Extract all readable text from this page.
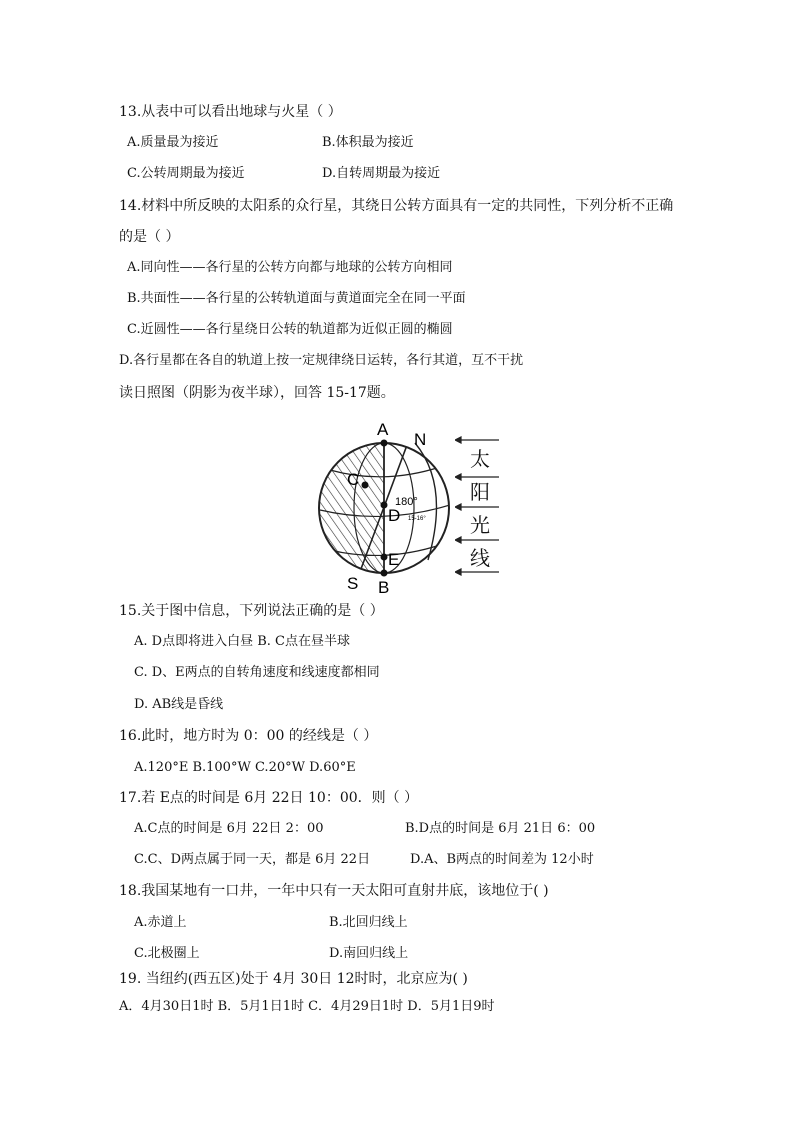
13.从表中可以看出地球与火星（ ）
A.质量最为接近	B.体积最为接近
C.公转周期最为接近	D.自转周期最为接近
14.材料中所反映的太阳系的众行星，其绕日公转方面具有一定的共同性，下列分析不正确
的是（ ）
A.同向性——各行星的公转方向都与地球的公转方向相同
B.共面性——各行星的公转轨道面与黄道面完全在同一平面
C.近圆性——各行星绕日公转的轨道都为近似正圆的椭圆
D.各行星都在各自的轨道上按一定规律绕日运转，各行其道，互不干扰
读日照图（阴影为夜半球），回答 15-17题。
A
N
C
D
E
S B
180°
15-16°
太
阳
光
线
15.关于图中信息，下列说法正确的是（ ）
A. D点即将进入白昼 B. C点在昼半球
C. D、E两点的自转角速度和线速度都相同
D. AB线是昏线
16.此时，地方时为 0：00 的经线是（ ）
A.120°E B.100°W C.20°W D.60°E
17.若 E点的时间是 6月 22日 10：00．则（ ）
A.C点的时间是 6月 22日 2：00	B.D点的时间是 6月 21日 6：00
C.C、D两点属于同一天，都是 6月 22日	D.A、B两点的时间差为 12小时
18.我国某地有一口井，一年中只有一天太阳可直射井底，该地位于( )
A.赤道上	B.北回归线上
C.北极圈上	D.南回归线上
19. 当纽约(西五区)处于 4月 30日 12时时，北京应为( )
A．4月30日1时 B．5月1日1时 C．4月29日1时 D．5月1日9时
